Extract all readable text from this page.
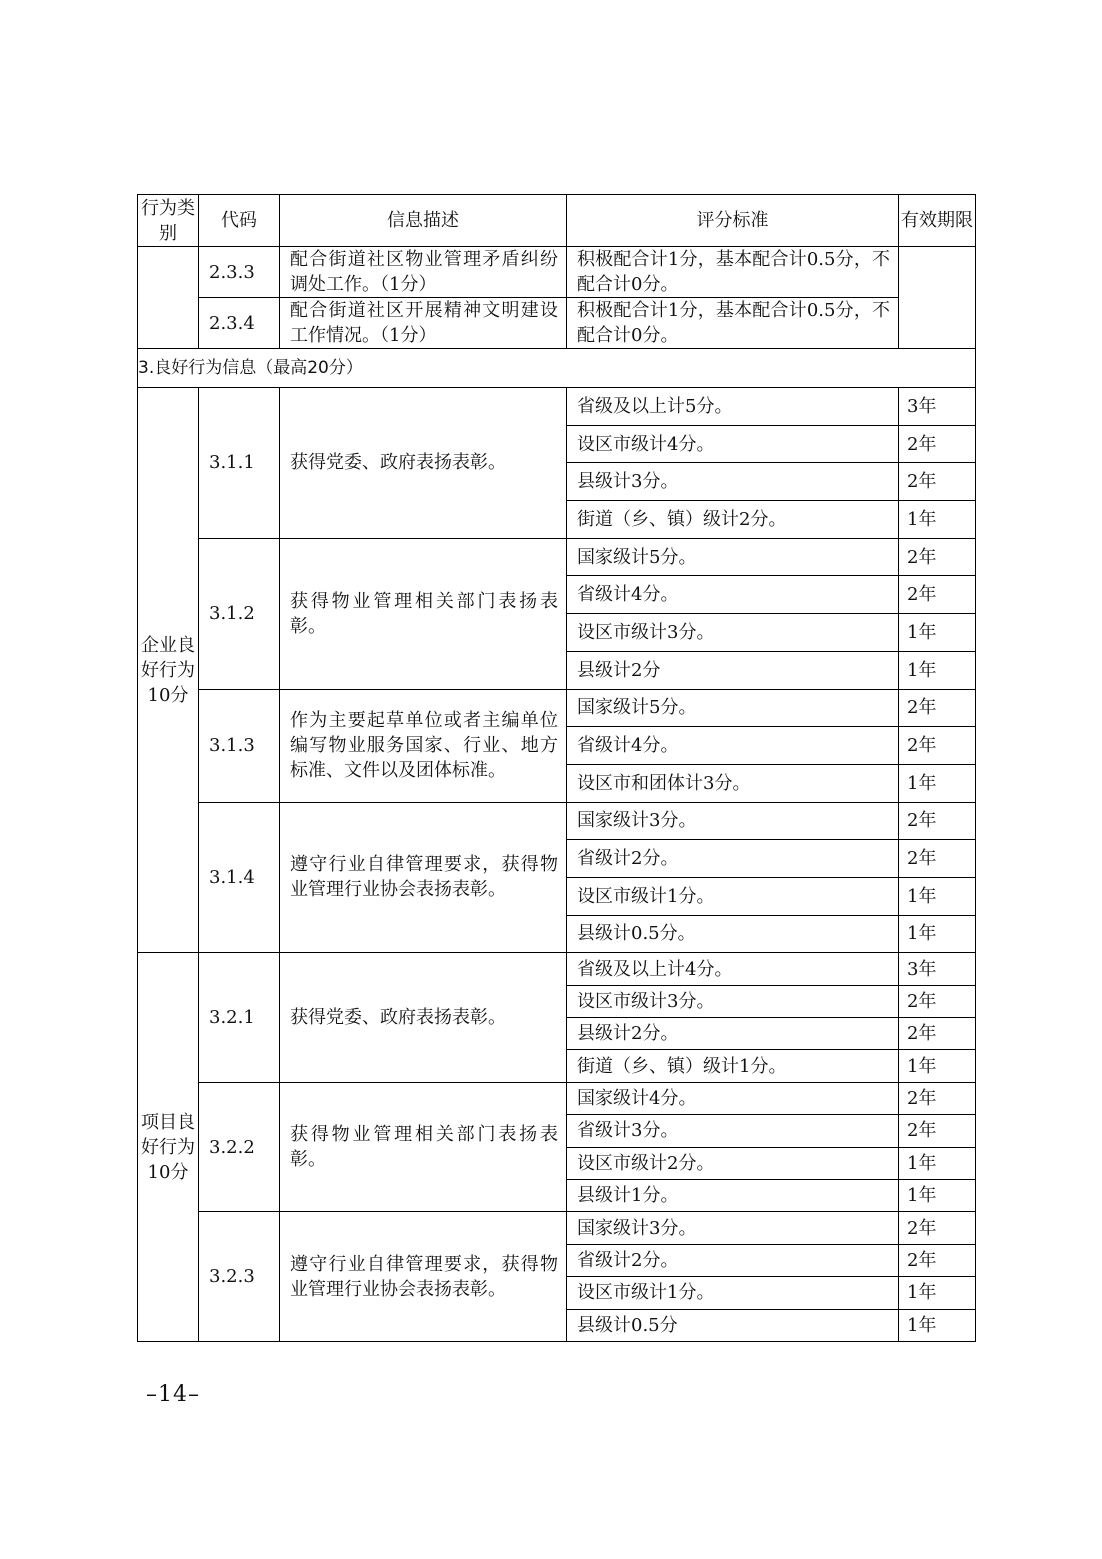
行为类别	代码	信息描述	评分标准	有效期限
	2.3.3	配合街道社区物业管理矛盾纠纷调处工作。（1分）	积极配合计1分，基本配合计0.5分，不配合计0分。	
	2.3.4	配合街道社区开展精神文明建设工作情况。（1分）	积极配合计1分，基本配合计0.5分，不配合计0分。	
3.良好行为信息（最高20分）				
企业良好行为10分	3.1.1	获得党委、政府表扬表彰。	省级及以上计5分。	3年
			设区市级计4分。	2年
			县级计3分。	2年
			街道（乡、镇）级计2分。	1年
	3.1.2	获得物业管理相关部门表扬表彰。	国家级计5分。	2年
			省级计4分。	2年
			设区市级计3分。	1年
			县级计2分	1年
	3.1.3	作为主要起草单位或者主编单位编写物业服务国家、行业、地方标准、文件以及团体标准。	国家级计5分。	2年
			省级计4分。	2年
			设区市和团体计3分。	1年
	3.1.4	遵守行业自律管理要求，获得物业管理行业协会表扬表彰。	国家级计3分。	2年
			省级计2分。	2年
			设区市级计1分。	1年
			县级计0.5分。	1年
项目良好行为10分	3.2.1	获得党委、政府表扬表彰。	省级及以上计4分。	3年
			设区市级计3分。	2年
			县级计2分。	2年
			街道（乡、镇）级计1分。	1年
	3.2.2	获得物业管理相关部门表扬表彰。	国家级计4分。	2年
			省级计3分。	2年
			设区市级计2分。	1年
			县级计1分。	1年
	3.2.3	遵守行业自律管理要求，获得物业管理行业协会表扬表彰。	国家级计3分。	2年
			省级计2分。	2年
			设区市级计1分。	1年
			县级计0.5分	1年
–14–
